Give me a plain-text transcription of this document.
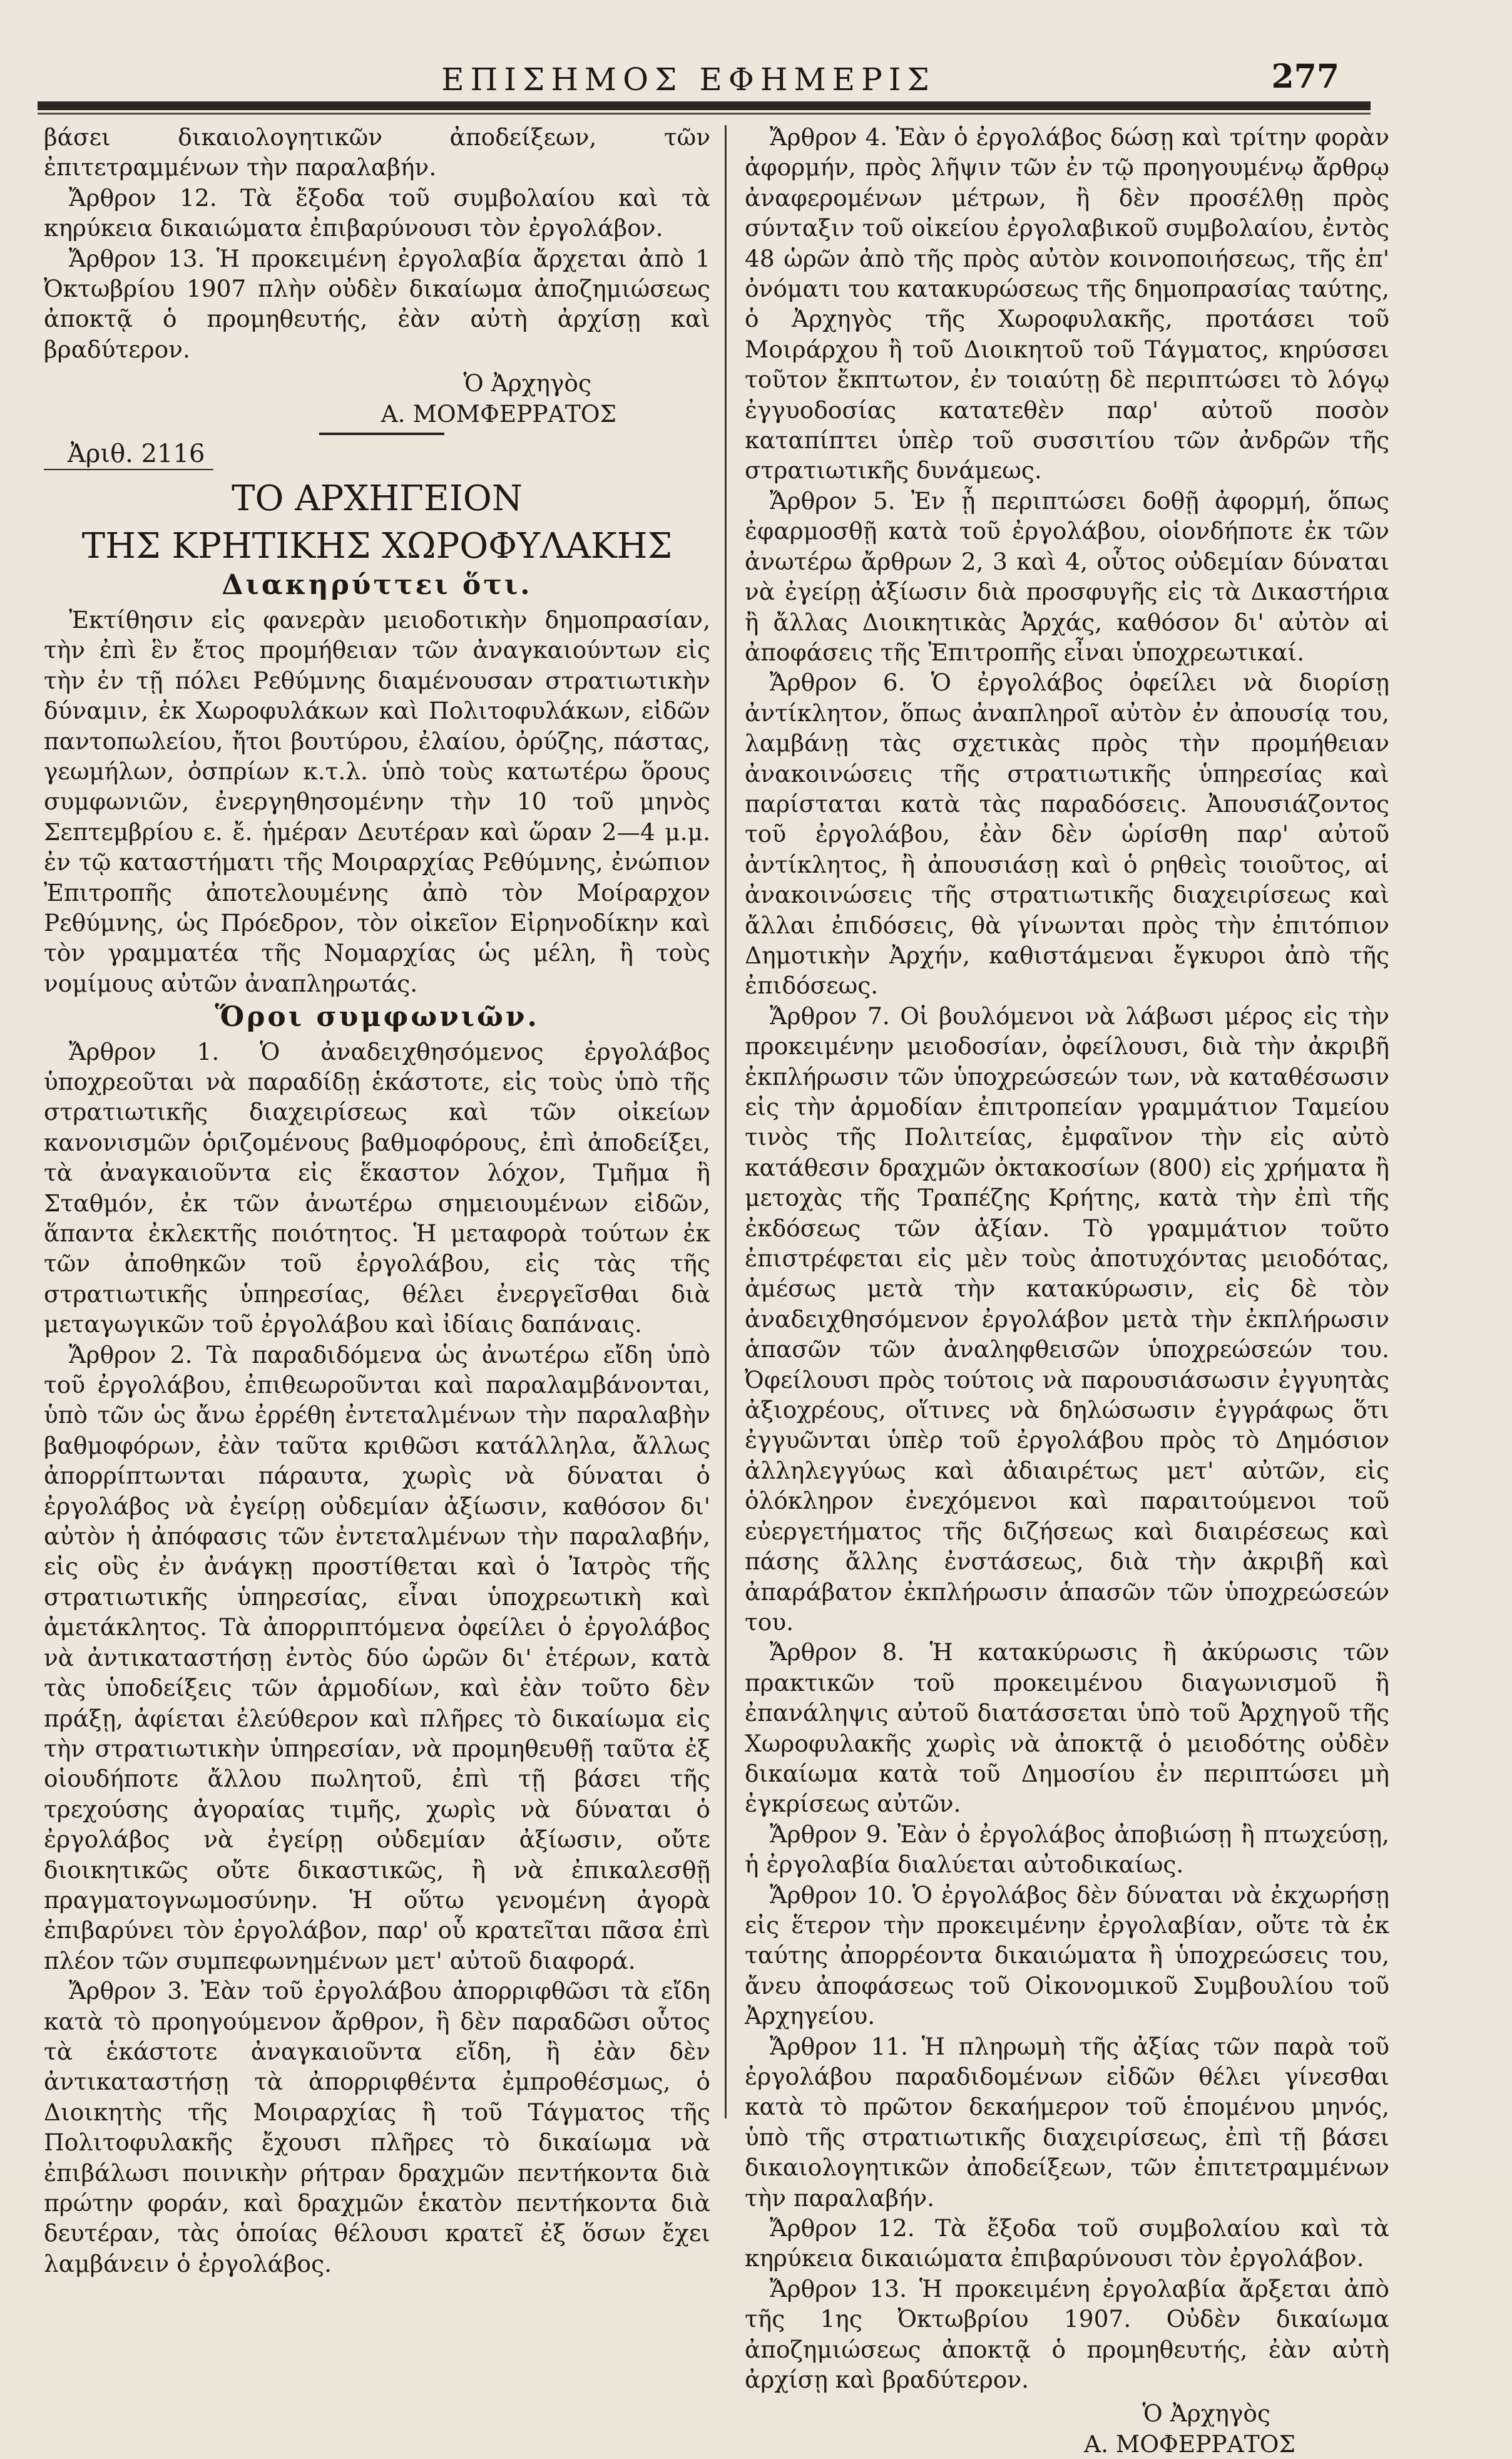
ΕΠΙΣΗΜΟΣ ΕΦΗΜΕΡΙΣ	277

βάσει δικαιολογητικῶν ἀποδείξεων, τῶν ἐπιτετραμμένων τὴν παραλαβήν.

Ἄρθρον 12. Τὰ ἔξοδα τοῦ συμβολαίου καὶ τὰ κηρύκεια δικαιώματα ἐπιβαρύνουσι τὸν ἐργολάβον.

Ἄρθρον 13. Ἡ προκειμένη ἐργολαβία ἄρχεται ἀπὸ 1 Ὀκτωβρίου 1907 πλὴν οὐδὲν δικαίωμα ἀποζημιώσεως ἀποκτᾷ ὁ προμηθευτής, ἐὰν αὐτὴ ἀρχίσῃ καὶ βραδύτερον.

Ὁ Ἀρχηγὸς

Α. ΜΟΜΦΕΡΡΑΤΟΣ

Ἀριθ. 2116

ΤΟ ΑΡΧΗΓΕΙΟΝ

ΤΗΣ ΚΡΗΤΙΚΗΣ ΧΩΡΟΦΥΛΑΚΗΣ

Διακηρύττει ὅτι.

Ἐκτίθησιν εἰς φανερὰν μειοδοτικὴν δημοπρασίαν, τὴν ἐπὶ ἓν ἔτος προμήθειαν τῶν ἀναγκαιούντων εἰς τὴν ἐν τῇ πόλει Ρεθύμνης διαμένουσαν στρατιωτικὴν δύναμιν, ἐκ Χωροφυλάκων καὶ Πολιτοφυλάκων, εἰδῶν παντοπωλείου, ἤτοι βουτύρου, ἐλαίου, ὀρύζης, πάστας, γεωμήλων, ὀσπρίων κ.τ.λ. ὑπὸ τοὺς κατωτέρω ὅρους συμφωνιῶν, ἐνεργηθησομένην τὴν 10 τοῦ μηνὸς Σεπτεμβρίου ε. ἔ. ἡμέραν Δευτέραν καὶ ὥραν 2—4 μ.μ. ἐν τῷ καταστήματι τῆς Μοιραρχίας Ρεθύμνης, ἐνώπιον Ἐπιτροπῆς ἀποτελουμένης ἀπὸ τὸν Μοίραρχον Ρεθύμνης, ὡς Πρόεδρον, τὸν οἰκεῖον Εἰρηνοδίκην καὶ τὸν γραμματέα τῆς Νομαρχίας ὡς μέλη, ἢ τοὺς νομίμους αὐτῶν ἀναπληρωτάς.

Ὅροι συμφωνιῶν.

Ἄρθρον 1. Ὁ ἀναδειχθησόμενος ἐργολάβος ὑποχρεοῦται νὰ παραδίδῃ ἑκάστοτε, εἰς τοὺς ὑπὸ τῆς στρατιωτικῆς διαχειρίσεως καὶ τῶν οἰκείων κανονισμῶν ὁριζομένους βαθμοφόρους, ἐπὶ ἀποδείξει, τὰ ἀναγκαιοῦντα εἰς ἕκαστον λόχον, Τμῆμα ἢ Σταθμόν, ἐκ τῶν ἀνωτέρω σημειουμένων εἰδῶν, ἅπαντα ἐκλεκτῆς ποιότητος. Ἡ μεταφορὰ τούτων ἐκ τῶν ἀποθηκῶν τοῦ ἐργολάβου, εἰς τὰς τῆς στρατιωτικῆς ὑπηρεσίας, θέλει ἐνεργεῖσθαι διὰ μεταγωγικῶν τοῦ ἐργολάβου καὶ ἰδίαις δαπάναις.

Ἄρθρον 2. Τὰ παραδιδόμενα ὡς ἀνωτέρω εἴδη ὑπὸ τοῦ ἐργολάβου, ἐπιθεωροῦνται καὶ παραλαμβάνονται, ὑπὸ τῶν ὡς ἄνω ἐρρέθη ἐντεταλμένων τὴν παραλαβὴν βαθμοφόρων, ἐὰν ταῦτα κριθῶσι κατάλληλα, ἄλλως ἀπορρίπτωνται πάραυτα, χωρὶς νὰ δύναται ὁ ἐργολάβος νὰ ἐγείρῃ οὐδεμίαν ἀξίωσιν, καθόσον δι' αὐτὸν ἡ ἀπόφασις τῶν ἐντεταλμένων τὴν παραλαβήν, εἰς οὓς ἐν ἀνάγκῃ προστίθεται καὶ ὁ Ἰατρὸς τῆς στρατιωτικῆς ὑπηρεσίας, εἶναι ὑποχρεωτικὴ καὶ ἀμετάκλητος. Τὰ ἀπορριπτόμενα ὀφείλει ὁ ἐργολάβος νὰ ἀντικαταστήσῃ ἐντὸς δύο ὡρῶν δι' ἑτέρων, κατὰ τὰς ὑποδείξεις τῶν ἁρμοδίων, καὶ ἐὰν τοῦτο δὲν πράξῃ, ἀφίεται ἐλεύθερον καὶ πλῆρες τὸ δικαίωμα εἰς τὴν στρατιωτικὴν ὑπηρεσίαν, νὰ προμηθευθῇ ταῦτα ἐξ οἱουδήποτε ἄλλου πωλητοῦ, ἐπὶ τῇ βάσει τῆς τρεχούσης ἀγοραίας τιμῆς, χωρὶς νὰ δύναται ὁ ἐργολάβος νὰ ἐγείρῃ οὐδεμίαν ἀξίωσιν, οὔτε διοικητικῶς οὔτε δικαστικῶς, ἢ νὰ ἐπικαλεσθῇ πραγματογνωμοσύνην. Ἡ οὕτω γενομένη ἀγορὰ ἐπιβαρύνει τὸν ἐργολάβον, παρ' οὗ κρατεῖται πᾶσα ἐπὶ πλέον τῶν συμπεφωνημένων μετ' αὐτοῦ διαφορά.

Ἄρθρον 3. Ἐὰν τοῦ ἐργολάβου ἀπορριφθῶσι τὰ εἴδη κατὰ τὸ προηγούμενον ἄρθρον, ἢ δὲν παραδῶσι οὗτος τὰ ἑκάστοτε ἀναγκαιοῦντα εἴδη, ἢ ἐὰν δὲν ἀντικαταστήσῃ τὰ ἀπορριφθέντα ἐμπροθέσμως, ὁ Διοικητὴς τῆς Μοιραρχίας ἢ τοῦ Τάγματος τῆς Πολιτοφυλακῆς ἔχουσι πλῆρες τὸ δικαίωμα νὰ ἐπιβάλωσι ποινικὴν ρήτραν δραχμῶν πεντήκοντα διὰ πρώτην φοράν, καὶ δραχμῶν ἑκατὸν πεντήκοντα διὰ δευτέραν, τὰς ὁποίας θέλουσι κρατεῖ ἐξ ὅσων ἔχει λαμβάνειν ὁ ἐργολάβος.

Ἄρθρον 4. Ἐὰν ὁ ἐργολάβος δώσῃ καὶ τρίτην φορὰν ἀφορμήν, πρὸς λῆψιν τῶν ἐν τῷ προηγουμένῳ ἄρθρῳ ἀναφερομένων μέτρων, ἢ δὲν προσέλθῃ πρὸς σύνταξιν τοῦ οἰκείου ἐργολαβικοῦ συμβολαίου, ἐντὸς 48 ὡρῶν ἀπὸ τῆς πρὸς αὐτὸν κοινοποιήσεως, τῆς ἐπ' ὀνόματι του κατακυρώσεως τῆς δημοπρασίας ταύτης, ὁ Ἀρχηγὸς τῆς Χωροφυλακῆς, προτάσει τοῦ Μοιράρχου ἢ τοῦ Διοικητοῦ τοῦ Τάγματος, κηρύσσει τοῦτον ἔκπτωτον, ἐν τοιαύτῃ δὲ περιπτώσει τὸ λόγῳ ἐγγυοδοσίας κατατεθὲν παρ' αὐτοῦ ποσὸν καταπίπτει ὑπὲρ τοῦ συσσιτίου τῶν ἀνδρῶν τῆς στρατιωτικῆς δυνάμεως.

Ἄρθρον 5. Ἐν ᾗ περιπτώσει δοθῇ ἀφορμή, ὅπως ἐφαρμοσθῇ κατὰ τοῦ ἐργολάβου, οἱονδήποτε ἐκ τῶν ἀνωτέρω ἄρθρων 2, 3 καὶ 4, οὗτος οὐδεμίαν δύναται νὰ ἐγείρῃ ἀξίωσιν διὰ προσφυγῆς εἰς τὰ Δικαστήρια ἢ ἄλλας Διοικητικὰς Ἀρχάς, καθόσον δι' αὐτὸν αἱ ἀποφάσεις τῆς Ἐπιτροπῆς εἶναι ὑποχρεωτικαί.

Ἄρθρον 6. Ὁ ἐργολάβος ὀφείλει νὰ διορίσῃ ἀντίκλητον, ὅπως ἀναπληροῖ αὐτὸν ἐν ἀπουσίᾳ του, λαμβάνῃ τὰς σχετικὰς πρὸς τὴν προμήθειαν ἀνακοινώσεις τῆς στρατιωτικῆς ὑπηρεσίας καὶ παρίσταται κατὰ τὰς παραδόσεις. Ἀπουσιάζοντος τοῦ ἐργολάβου, ἐὰν δὲν ὡρίσθη παρ' αὐτοῦ ἀντίκλητος, ἢ ἀπουσιάσῃ καὶ ὁ ρηθεὶς τοιοῦτος, αἱ ἀνακοινώσεις τῆς στρατιωτικῆς διαχειρίσεως καὶ ἄλλαι ἐπιδόσεις, θὰ γίνωνται πρὸς τὴν ἐπιτόπιον Δημοτικὴν Ἀρχήν, καθιστάμεναι ἔγκυροι ἀπὸ τῆς ἐπιδόσεως.

Ἄρθρον 7. Οἱ βουλόμενοι νὰ λάβωσι μέρος εἰς τὴν προκειμένην μειοδοσίαν, ὀφείλουσι, διὰ τὴν ἀκριβῆ ἐκπλήρωσιν τῶν ὑποχρεώσεών των, νὰ καταθέσωσιν εἰς τὴν ἁρμοδίαν ἐπιτροπείαν γραμμάτιον Ταμείου τινὸς τῆς Πολιτείας, ἐμφαῖνον τὴν εἰς αὐτὸ κατάθεσιν δραχμῶν ὀκτακοσίων (800) εἰς χρήματα ἢ μετοχὰς τῆς Τραπέζης Κρήτης, κατὰ τὴν ἐπὶ τῆς ἐκδόσεως τῶν ἀξίαν. Τὸ γραμμάτιον τοῦτο ἐπιστρέφεται εἰς μὲν τοὺς ἀποτυχόντας μειοδότας, ἀμέσως μετὰ τὴν κατακύρωσιν, εἰς δὲ τὸν ἀναδειχθησόμενον ἐργολάβον μετὰ τὴν ἐκπλήρωσιν ἁπασῶν τῶν ἀναληφθεισῶν ὑποχρεώσεών του. Ὀφείλουσι πρὸς τούτοις νὰ παρουσιάσωσιν ἐγγυητὰς ἀξιοχρέους, οἵτινες νὰ δηλώσωσιν ἐγγράφως ὅτι ἐγγυῶνται ὑπὲρ τοῦ ἐργολάβου πρὸς τὸ Δημόσιον ἀλληλεγγύως καὶ ἀδιαιρέτως μετ' αὐτῶν, εἰς ὁλόκληρον ἐνεχόμενοι καὶ παραιτούμενοι τοῦ εὐεργετήματος τῆς διζήσεως καὶ διαιρέσεως καὶ πάσης ἄλλης ἐνστάσεως, διὰ τὴν ἀκριβῆ καὶ ἀπαράβατον ἐκπλήρωσιν ἁπασῶν τῶν ὑποχρεώσεών του.

Ἄρθρον 8. Ἡ κατακύρωσις ἢ ἀκύρωσις τῶν πρακτικῶν τοῦ προκειμένου διαγωνισμοῦ ἢ ἐπανάληψις αὐτοῦ διατάσσεται ὑπὸ τοῦ Ἀρχηγοῦ τῆς Χωροφυλακῆς χωρὶς νὰ ἀποκτᾷ ὁ μειοδότης οὐδὲν δικαίωμα κατὰ τοῦ Δημοσίου ἐν περιπτώσει μὴ ἐγκρίσεως αὐτῶν.

Ἄρθρον 9. Ἐὰν ὁ ἐργολάβος ἀποβιώσῃ ἢ πτωχεύσῃ, ἡ ἐργολαβία διαλύεται αὐτοδικαίως.

Ἄρθρον 10. Ὁ ἐργολάβος δὲν δύναται νὰ ἐκχωρήσῃ εἰς ἕτερον τὴν προκειμένην ἐργολαβίαν, οὔτε τὰ ἐκ ταύτης ἀπορρέοντα δικαιώματα ἢ ὑποχρεώσεις του, ἄνευ ἀποφάσεως τοῦ Οἰκονομικοῦ Συμβουλίου τοῦ Ἀρχηγείου.

Ἄρθρον 11. Ἡ πληρωμὴ τῆς ἀξίας τῶν παρὰ τοῦ ἐργολάβου παραδιδομένων εἰδῶν θέλει γίνεσθαι κατὰ τὸ πρῶτον δεκαήμερον τοῦ ἑπομένου μηνός, ὑπὸ τῆς στρατιωτικῆς διαχειρίσεως, ἐπὶ τῇ βάσει δικαιολογητικῶν ἀποδείξεων, τῶν ἐπιτετραμμένων τὴν παραλαβήν.

Ἄρθρον 12. Τὰ ἔξοδα τοῦ συμβολαίου καὶ τὰ κηρύκεια δικαιώματα ἐπιβαρύνουσι τὸν ἐργολάβον.

Ἄρθρον 13. Ἡ προκειμένη ἐργολαβία ἄρξεται ἀπὸ τῆς 1ης Ὀκτωβρίου 1907. Οὐδὲν δικαίωμα ἀποζημιώσεως ἀποκτᾷ ὁ προμηθευτής, ἐὰν αὐτὴ ἀρχίσῃ καὶ βραδύτερον.

Ὁ Ἀρχηγὸς

Α. ΜΟΦΕΡΡΑΤΟΣ
